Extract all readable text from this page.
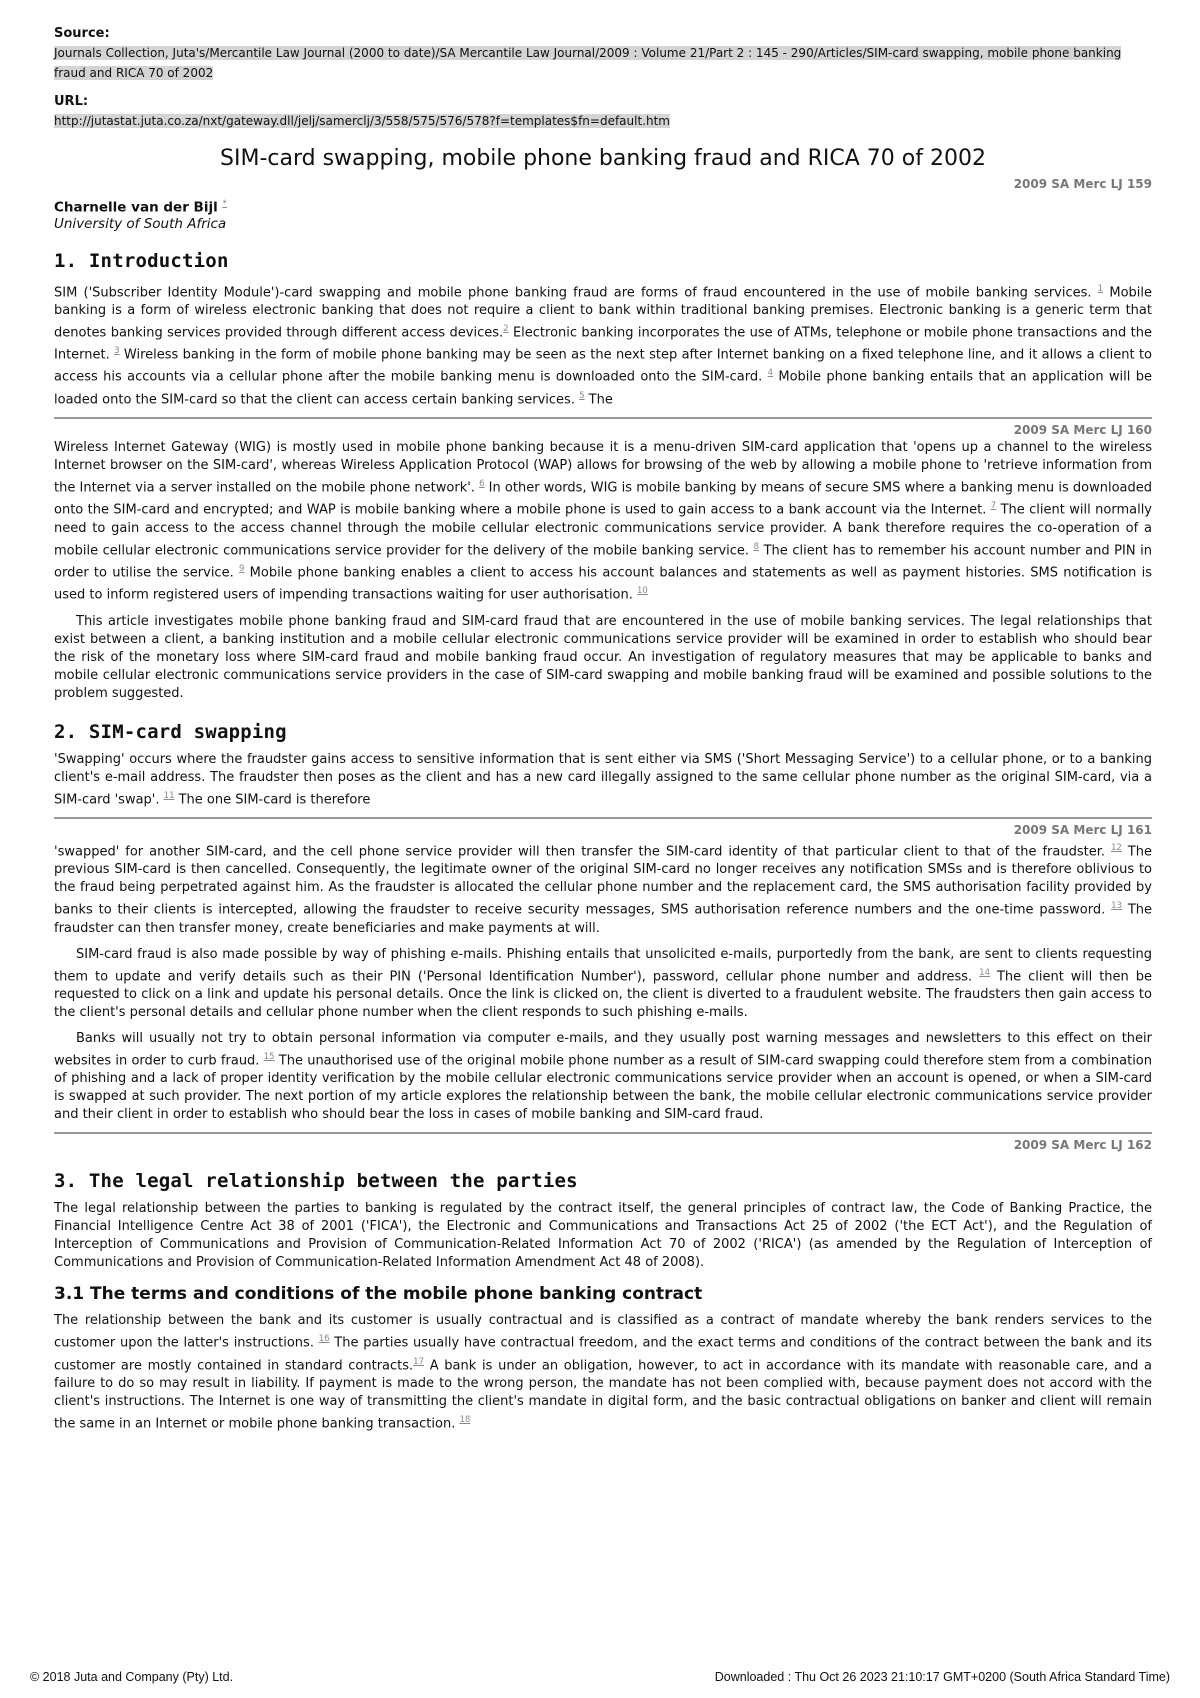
Source:
Journals Collection, Juta's/Mercantile Law Journal (2000 to date)/SA Mercantile Law Journal/2009 : Volume 21/Part 2 : 145 - 290/Articles/SIM-card swapping, mobile phone banking fraud and RICA 70 of 2002
URL:
http://jutastat.juta.co.za/nxt/gateway.dll/jelj/samerclj/3/558/575/576/578?f=templates$fn=default.htm
SIM-card swapping, mobile phone banking fraud and RICA 70 of 2002
2009 SA Merc LJ 159
Charnelle van der Bijl *
University of South Africa
1. Introduction

SIM ('Subscriber Identity Module')-card swapping and mobile phone banking fraud are forms of fraud encountered in the use of mobile banking services. $^1$ Mobile banking is a form of wireless electronic banking that does not require a client to bank within traditional banking premises. Electronic banking is a generic term that denotes banking services provided through different access devices.$^2$ Electronic banking incorporates the use of ATMs, telephone or mobile phone transactions and the Internet. $^3$ Wireless banking in the form of mobile phone banking may be seen as the next step after Internet banking on a fixed telephone line, and it allows a client to access his accounts via a cellular phone after the mobile banking menu is downloaded onto the SIM-card. $^4$ Mobile phone banking entails that an application will be loaded onto the SIM-card so that the client can access certain banking services. $^5$ The

2009 SA Merc LJ 160

Wireless Internet Gateway (WIG) is mostly used in mobile phone banking because it is a menu-driven SIM-card application that 'opens up a channel to the wireless Internet browser on the SIM-card', whereas Wireless Application Protocol (WAP) allows for browsing of the web by allowing a mobile phone to 'retrieve information from the Internet via a server installed on the mobile phone network'. $^6$ In other words, WIG is mobile banking by means of secure SMS where a banking menu is downloaded onto the SIM-card and encrypted; and WAP is mobile banking where a mobile phone is used to gain access to a bank account via the Internet. $^7$ The client will normally need to gain access to the access channel through the mobile cellular electronic communications service provider. A bank therefore requires the co-operation of a mobile cellular electronic communications service provider for the delivery of the mobile banking service. $^8$ The client has to remember his account number and PIN in order to utilise the service. $^9$ Mobile phone banking enables a client to access his account balances and statements as well as payment histories. SMS notification is used to inform registered users of impending transactions waiting for user authorisation. $^{10}$

This article investigates mobile phone banking fraud and SIM-card fraud that are encountered in the use of mobile banking services. The legal relationships that exist between a client, a banking institution and a mobile cellular electronic communications service provider will be examined in order to establish who should bear the risk of the monetary loss where SIM-card fraud and mobile banking fraud occur. An investigation of regulatory measures that may be applicable to banks and mobile cellular electronic communications service providers in the case of SIM-card swapping and mobile banking fraud will be examined and possible solutions to the problem suggested.

2. SIM-card swapping

'Swapping' occurs where the fraudster gains access to sensitive information that is sent either via SMS ('Short Messaging Service') to a cellular phone, or to a banking client's e-mail address. The fraudster then poses as the client and has a new card illegally assigned to the same cellular phone number as the original SIM-card, via a SIM-card 'swap'. $^{11}$ The one SIM-card is therefore

2009 SA Merc LJ 161

'swapped' for another SIM-card, and the cell phone service provider will then transfer the SIM-card identity of that particular client to that of the fraudster. $^{12}$ The previous SIM-card is then cancelled. Consequently, the legitimate owner of the original SIM-card no longer receives any notification SMSs and is therefore oblivious to the fraud being perpetrated against him. As the fraudster is allocated the cellular phone number and the replacement card, the SMS authorisation facility provided by banks to their clients is intercepted, allowing the fraudster to receive security messages, SMS authorisation reference numbers and the one-time password. $^{13}$ The fraudster can then transfer money, create beneficiaries and make payments at will.

SIM-card fraud is also made possible by way of phishing e-mails. Phishing entails that unsolicited e-mails, purportedly from the bank, are sent to clients requesting them to update and verify details such as their PIN ('Personal Identification Number'), password, cellular phone number and address. $^{14}$ The client will then be requested to click on a link and update his personal details. Once the link is clicked on, the client is diverted to a fraudulent website. The fraudsters then gain access to the client's personal details and cellular phone number when the client responds to such phishing e-mails.

Banks will usually not try to obtain personal information via computer e-mails, and they usually post warning messages and newsletters to this effect on their websites in order to curb fraud. $^{15}$ The unauthorised use of the original mobile phone number as a result of SIM-card swapping could therefore stem from a combination of phishing and a lack of proper identity verification by the mobile cellular electronic communications service provider when an account is opened, or when a SIM-card is swapped at such provider. The next portion of my article explores the relationship between the bank, the mobile cellular electronic communications service provider and their client in order to establish who should bear the loss in cases of mobile banking and SIM-card fraud.

2009 SA Merc LJ 162
3. The legal relationship between the parties

The legal relationship between the parties to banking is regulated by the contract itself, the general principles of contract law, the Code of Banking Practice, the Financial Intelligence Centre Act 38 of 2001 ('FICA'), the Electronic and Communications and Transactions Act 25 of 2002 ('the ECT Act'), and the Regulation of Interception of Communications and Provision of Communication-Related Information Act 70 of 2002 ('RICA') (as amended by the Regulation of Interception of Communications and Provision of Communication-Related Information Amendment Act 48 of 2008).

3.1 The terms and conditions of the mobile phone banking contract

The relationship between the bank and its customer is usually contractual and is classified as a contract of mandate whereby the bank renders services to the customer upon the latter's instructions. $^{16}$ The parties usually have contractual freedom, and the exact terms and conditions of the contract between the bank and its customer are mostly contained in standard contracts.$^{17}$ A bank is under an obligation, however, to act in accordance with its mandate with reasonable care, and a failure to do so may result in liability. If payment is made to the wrong person, the mandate has not been complied with, because payment does not accord with the client's instructions. The Internet is one way of transmitting the client's mandate in digital form, and the basic contractual obligations on banker and client will remain the same in an Internet or mobile phone banking transaction. $^{18}$

© 2018 Juta and Company (Pty) Ltd.	Downloaded : Thu Oct 26 2023 21:10:17 GMT+0200 (South Africa Standard Time)
